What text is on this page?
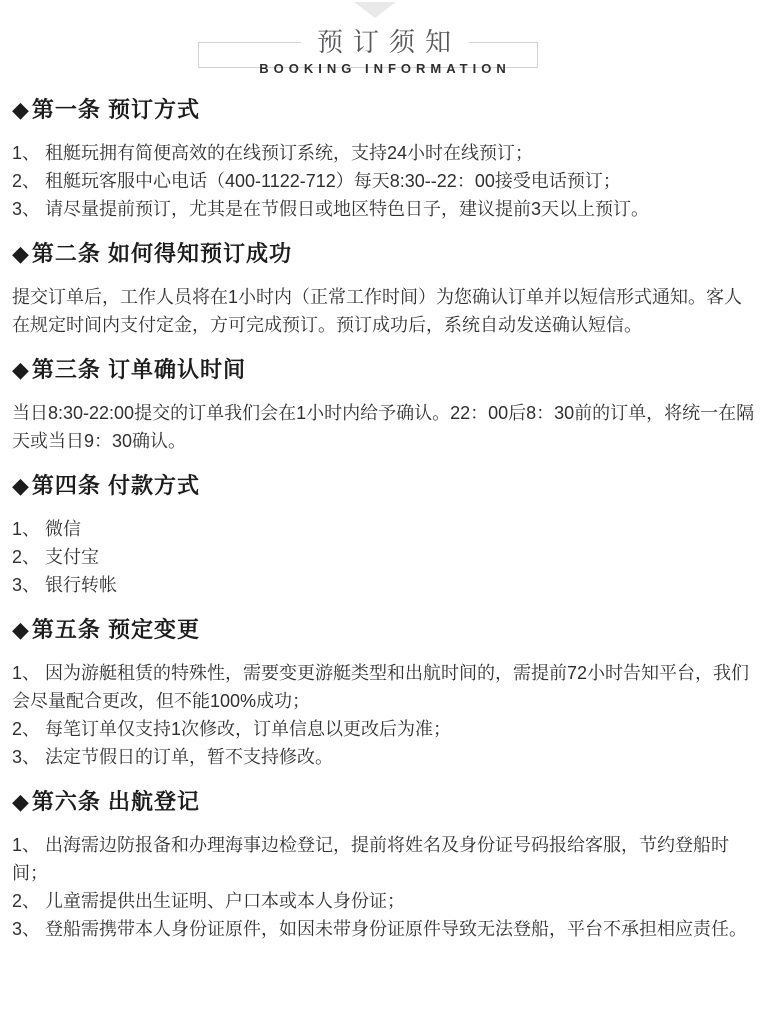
预订须知
BOOKING INFORMATION
◆第一条 预订方式
1、 租艇玩拥有简便高效的在线预订系统，支持24小时在线预订；
2、 租艇玩客服中心电话（400-1122-712）每天8:30--22：00接受电话预订；
3、 请尽量提前预订，尤其是在节假日或地区特色日子，建议提前3天以上预订。
◆第二条 如何得知预订成功

提交订单后，工作人员将在1小时内（正常工作时间）为您确认订单并以短信形式通知。客人在规定时间内支付定金，方可完成预订。预订成功后，系统自动发送确认短信。

◆第三条 订单确认时间

当日8:30-22:00提交的订单我们会在1小时内给予确认。22：00后8：30前的订单，将统一在隔天或当日9：30确认。

◆第四条 付款方式
1、 微信
2、 支付宝
3、 银行转帐
◆第五条 预定变更
1、 因为游艇租赁的特殊性，需要变更游艇类型和出航时间的，需提前72小时告知平台，我们会尽量配合更改，但不能100%成功；
2、 每笔订单仅支持1次修改，订单信息以更改后为准；
3、 法定节假日的订单，暂不支持修改。
◆第六条 出航登记
1、 出海需边防报备和办理海事边检登记，提前将姓名及身份证号码报给客服，节约登船时间；
2、 儿童需提供出生证明、户口本或本人身份证；
3、 登船需携带本人身份证原件，如因未带身份证原件导致无法登船，平台不承担相应责任。
